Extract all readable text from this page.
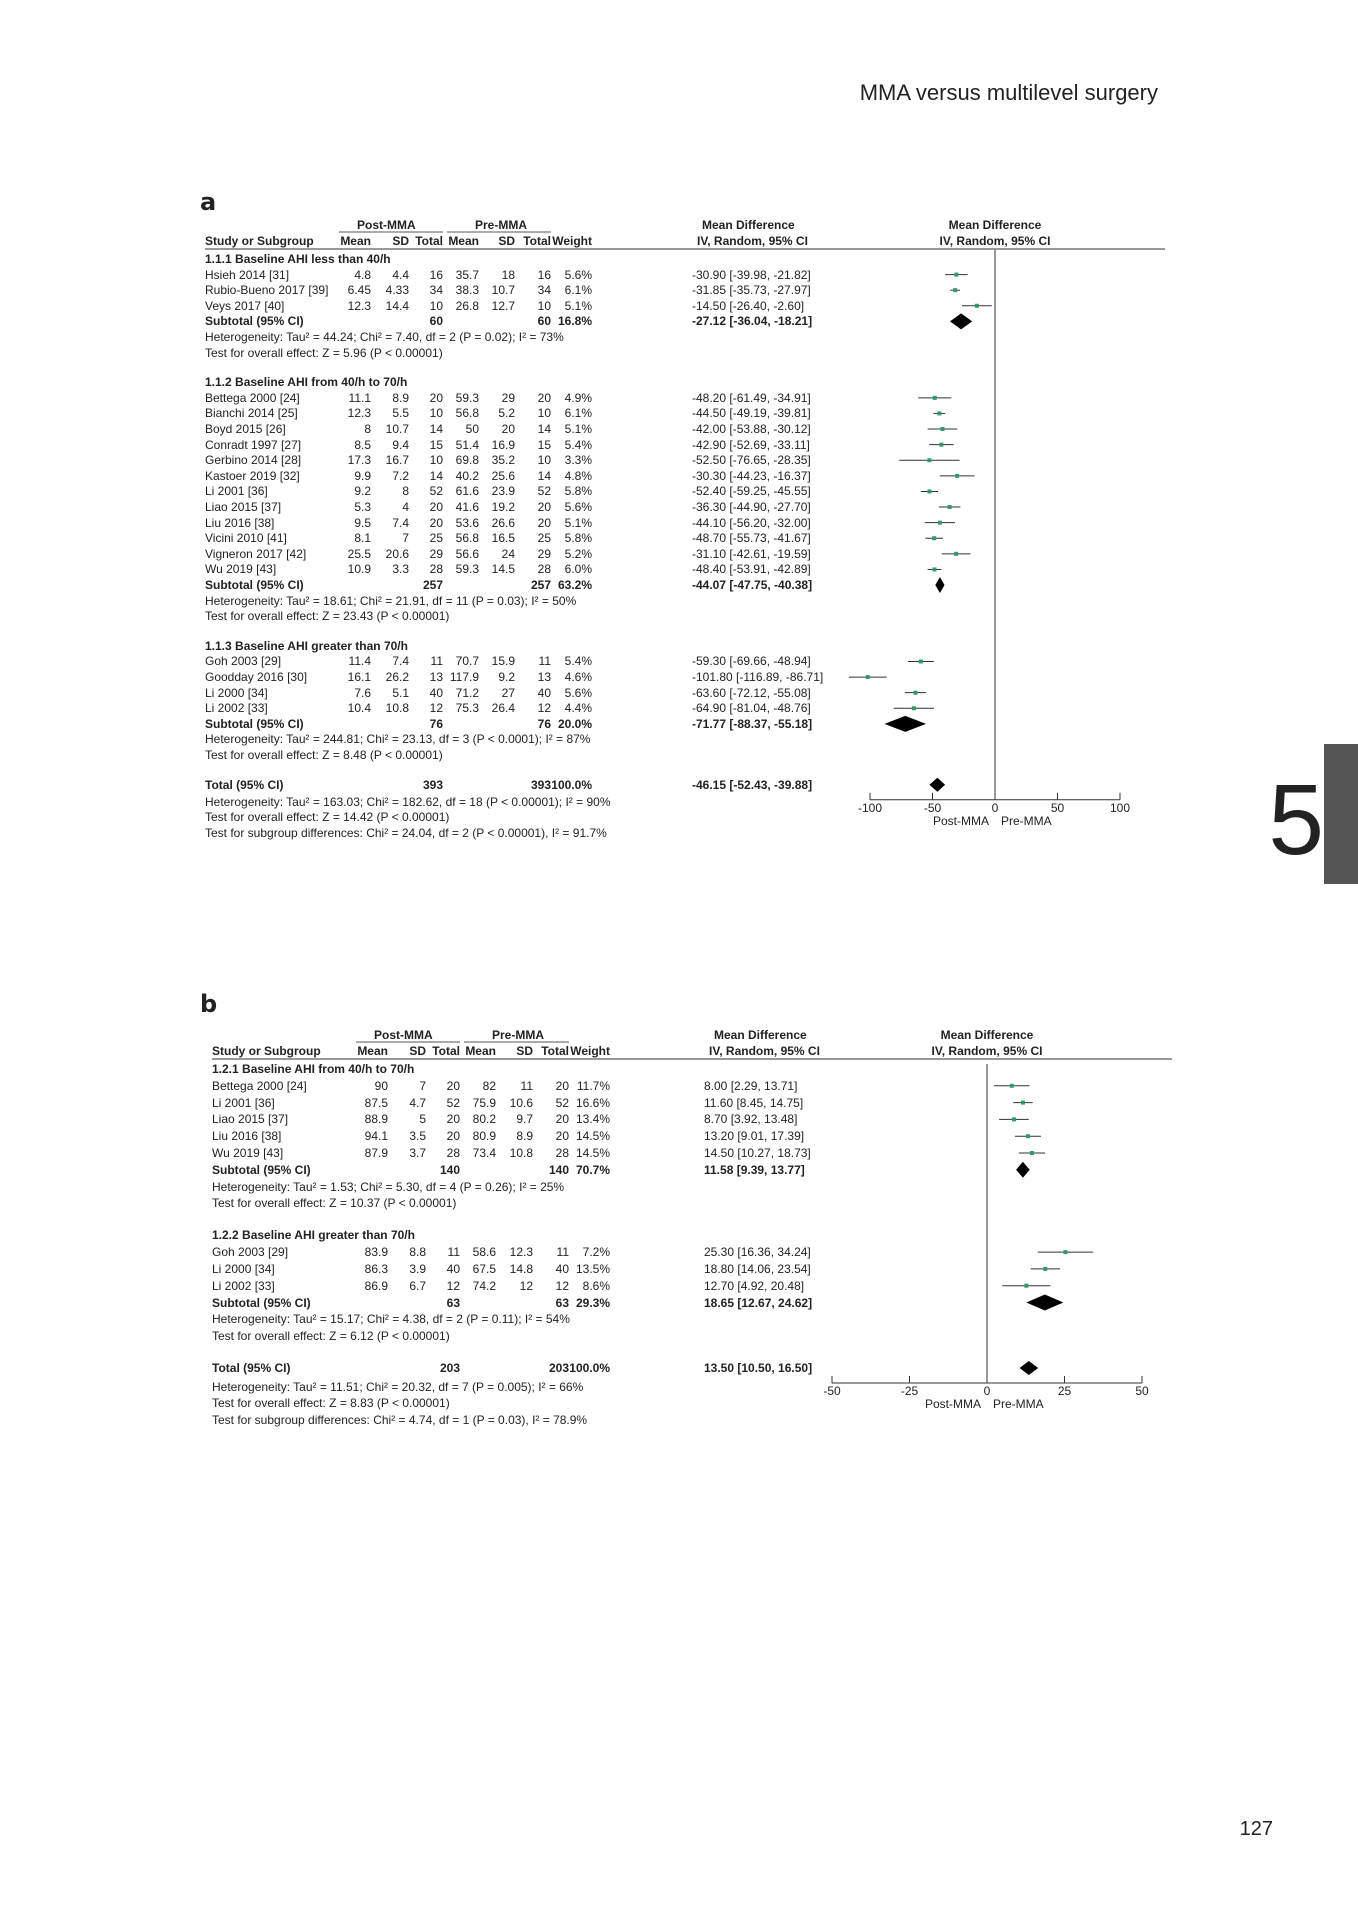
MMA versus multilevel surgery
a
Post-MMA	Pre-MMA	Mean Difference
IV, Random, 95% CI
Mean Difference
IV, Random, 95% CI
Study or Subgroup Mean SD Total Mean SD Total Weight
1.1.1 Baseline AHI less than 40/h
Hsieh 2014 [31]	4.8 4.4 16 35.7 18 16 5.6%	-30.90 [-39.98, -21.82]
Rubio-Bueno 2017 [39] 6.45 4.33 34 38.3 10.7 34 6.1%	-31.85 [-35.73, -27.97]
Veys 2017 [40]	12.3 14.4 10 26.8 12.7 10 5.1%	-14.50 [-26.40, -2.60]
Subtotal (95% CI)	60	60 16.8%	-27.12 [-36.04, -18.21]
Heterogeneity: Tau² = 44.24; Chi² = 7.40, df = 2 (P = 0.02); I² = 73%
Test for overall effect: Z = 5.96 (P < 0.00001)
1.1.2 Baseline AHI from 40/h to 70/h
Bettega 2000 [24]	11.1 8.9 20 59.3 29 20 4.9%	-48.20 [-61.49, -34.91]
Bianchi 2014 [25]	12.3 5.5 10 56.8 5.2 10 6.1%	-44.50 [-49.19, -39.81]
Boyd 2015 [26]	8 10.7 14 50 20 14 5.1%	-42.00 [-53.88, -30.12]
Conradt 1997 [27]	8.5 9.4 15 51.4 16.9 15 5.4%	-42.90 [-52.69, -33.11]
Gerbino 2014 [28]	17.3 16.7 10 69.8 35.2 10 3.3%	-52.50 [-76.65, -28.35]
Kastoer 2019 [32]	9.9 7.2 14 40.2 25.6 14 4.8%	-30.30 [-44.23, -16.37]
Li 2001 [36]	9.2	8 52 61.6 23.9 52 5.8%	-52.40 [-59.25, -45.55]
Liao 2015 [37]	5.3	4 20 41.6 19.2 20 5.6%	-36.30 [-44.90, -27.70]
Liu 2016 [38]	9.5 7.4 20 53.6 26.6 20 5.1%	-44.10 [-56.20, -32.00]
Vicini 2010 [41]	8.1	7 25 56.8 16.5 25 5.8%	-48.70 [-55.73, -41.67]
Vigneron 2017 [42]	25.5 20.6 29 56.6 24 29 5.2%	-31.10 [-42.61, -19.59]
Wu 2019 [43]	10.9 3.3 28 59.3 14.5 28 6.0%	-48.40 [-53.91, -42.89]
Subtotal (95% CI)	257	257 63.2%	-44.07 [-47.75, -40.38]
Heterogeneity: Tau² = 18.61; Chi² = 21.91, df = 11 (P = 0.03); I² = 50%
Test for overall effect: Z = 23.43 (P < 0.00001)
1.1.3 Baseline AHI greater than 70/h
Goh 2003 [29]	11.4 7.4 11 70.7 15.9 11 5.4%	-59.30 [-69.66, -48.94]
Goodday 2016 [30]	16.1 26.2 13 117.9 9.2 13 4.6%	-101.80 [-116.89, -86.71]
Li 2000 [34]	7.6 5.1 40 71.2 27 40 5.6%	-63.60 [-72.12, -55.08]
Li 2002 [33]	10.4 10.8 12 75.3 26.4 12 4.4%	-64.90 [-81.04, -48.76]
Subtotal (95% CI)	76	76 20.0%	-71.77 [-88.37, -55.18]
Heterogeneity: Tau² = 244.81; Chi² = 23.13, df = 3 (P < 0.0001); I² = 87%
Test for overall effect: Z = 8.48 (P < 0.00001)
Total (95% CI)	393	393 100.0%	-46.15 [-52.43, -39.88]
Heterogeneity: Tau² = 163.03; Chi² = 182.62, df = 18 (P < 0.00001); I² = 90%
Test for overall effect: Z = 14.42 (P < 0.00001)
Test for subgroup differences: Chi² = 24.04, df = 2 (P < 0.00001), I² = 91.7%
-100	-50	0	50	100
Post-MMA Pre-MMA
b
Post-MMA	Pre-MMA	Mean Difference
IV, Random, 95% CI
Mean Difference
IV, Random, 95% CI
Study or Subgroup	Mean SD Total Mean SD Total Weight
1.2.1 Baseline AHI from 40/h to 70/h
Bettega 2000 [24]	90	7 20 82 11 20 11.7%	8.00 [2.29, 13.71]
Li 2001 [36]	87.5 4.7 52 75.9 10.6 52 16.6%	11.60 [8.45, 14.75]
Liao 2015 [37]	88.9	5 20 80.2 9.7 20 13.4%	8.70 [3.92, 13.48]
Liu 2016 [38]	94.1 3.5 20 80.9 8.9 20 14.5%	13.20 [9.01, 17.39]
Wu 2019 [43]	87.9 3.7 28 73.4 10.8 28 14.5%	14.50 [10.27, 18.73]
Subtotal (95% CI)	140	140 70.7%	11.58 [9.39, 13.77]
Heterogeneity: Tau² = 1.53; Chi² = 5.30, df = 4 (P = 0.26); I² = 25%
Test for overall effect: Z = 10.37 (P < 0.00001)
1.2.2 Baseline AHI greater than 70/h
Goh 2003 [29]	83.9 8.8 11 58.6 12.3 11 7.2%	25.30 [16.36, 34.24]
Li 2000 [34]	86.3 3.9 40 67.5 14.8 40 13.5%	18.80 [14.06, 23.54]
Li 2002 [33]	86.9 6.7 12 74.2 12 12 8.6%	12.70 [4.92, 20.48]
Subtotal (95% CI)	63	63 29.3%	18.65 [12.67, 24.62]
Heterogeneity: Tau² = 15.17; Chi² = 4.38, df = 2 (P = 0.11); I² = 54%
Test for overall effect: Z = 6.12 (P < 0.00001)
Total (95% CI)	203	203 100.0%	13.50 [10.50, 16.50]
Heterogeneity: Tau² = 11.51; Chi² = 20.32, df = 7 (P = 0.005); I² = 66%
Test for overall effect: Z = 8.83 (P < 0.00001)
Test for subgroup differences: Chi² = 4.74, df = 1 (P = 0.03), I² = 78.9%
-50	-25	0	25	50
Post-MMA Pre-MMA
5
127
